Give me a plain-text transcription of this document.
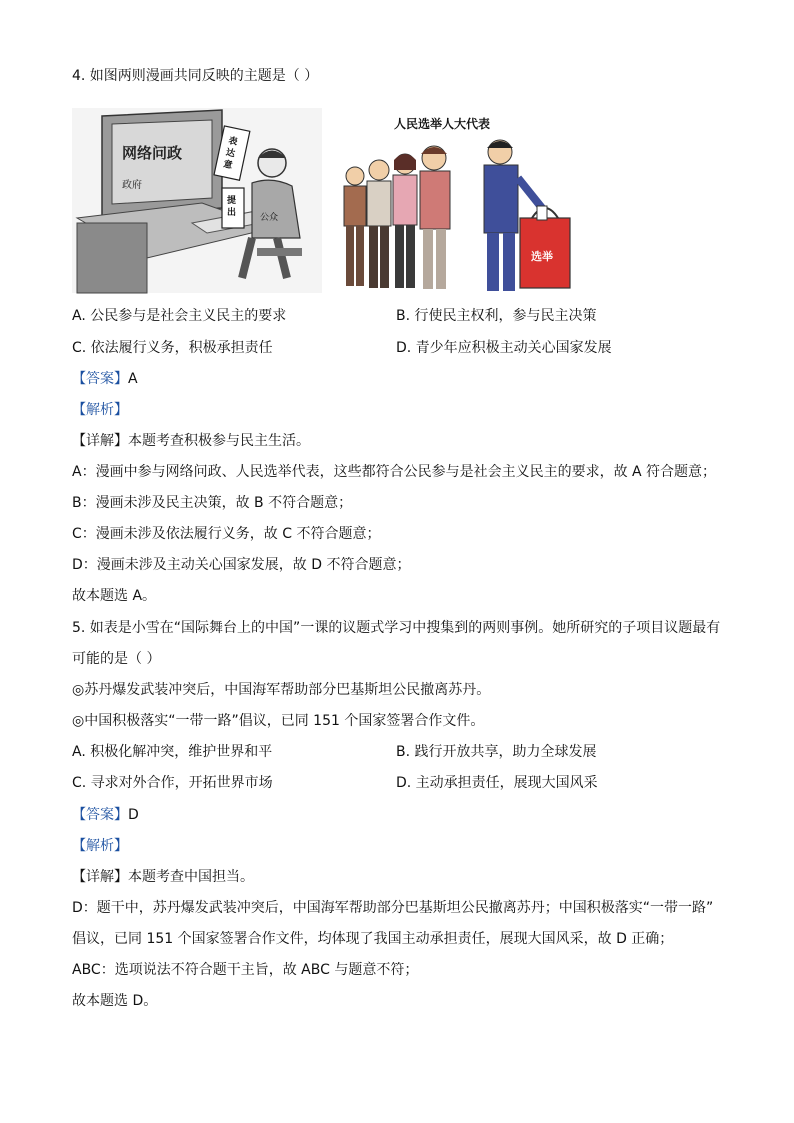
4. 如图两则漫画共同反映的主题是（ ）
网络问政
政府
表
达
意
提
出	公众
人民选举人大代表
选举
A. 公民参与是社会主义民主的要求	B. 行使民主权利，参与民主决策
C. 依法履行义务，积极承担责任	D. 青少年应积极主动关心国家发展
【答案】A
【解析】
【详解】本题考查积极参与民主生活。
A：漫画中参与网络问政、人民选举代表，这些都符合公民参与是社会主义民主的要求，故 A 符合题意；
B：漫画未涉及民主决策，故 B 不符合题意；
C：漫画未涉及依法履行义务，故 C 不符合题意；
D：漫画未涉及主动关心国家发展，故 D 不符合题意；
故本题选 A。
5. 如表是小雪在“国际舞台上的中国”一课的议题式学习中搜集到的两则事例。她所研究的子项目议题最有
可能的是（ ）
◎苏丹爆发武装冲突后，中国海军帮助部分巴基斯坦公民撤离苏丹。
◎中国积极落实“一带一路”倡议，已同 151 个国家签署合作文件。
A. 积极化解冲突，维护世界和平	B. 践行开放共享，助力全球发展
C. 寻求对外合作，开拓世界市场	D. 主动承担责任，展现大国风采
【答案】D
【解析】
【详解】本题考查中国担当。
D：题干中，苏丹爆发武装冲突后，中国海军帮助部分巴基斯坦公民撤离苏丹；中国积极落实“一带一路”
倡议，已同 151 个国家签署合作文件，均体现了我国主动承担责任，展现大国风采，故 D 正确；
ABC：选项说法不符合题干主旨，故 ABC 与题意不符；
故本题选 D。
